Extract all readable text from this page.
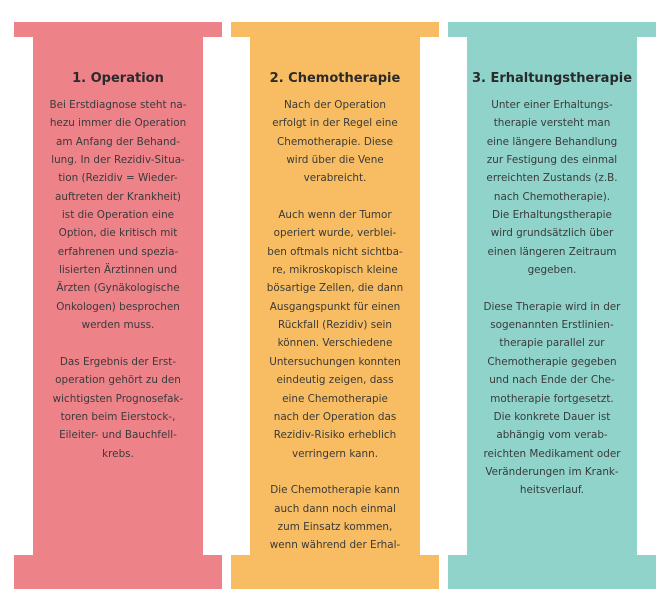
1. Operation
Bei Erstdiagnose steht na-
hezu immer die Operation
am Anfang der Behand-
lung. In der Rezidiv-Situa-
tion (Rezidiv = Wieder-
auftreten der Krankheit)
ist die Operation eine
Option, die kritisch mit
erfahrenen und spezia-
lisierten Ärztinnen und
Ärzten (Gynäkologische
Onkologen) besprochen
werden muss.
Das Ergebnis der Erst-
operation gehört zu den
wichtigsten Prognosefak-
toren beim Eierstock-,
Eileiter- und Bauchfell-
krebs.
2. Chemotherapie
Nach der Operation
erfolgt in der Regel eine
Chemotherapie. Diese
wird über die Vene
verabreicht.
Auch wenn der Tumor
operiert wurde, verblei-
ben oftmals nicht sichtba-
re, mikroskopisch kleine
bösartige Zellen, die dann
Ausgangspunkt für einen
Rückfall (Rezidiv) sein
können. Verschiedene
Untersuchungen konnten
eindeutig zeigen, dass
eine Chemotherapie
nach der Operation das
Rezidiv-Risiko erheblich
verringern kann.
Die Chemotherapie kann
auch dann noch einmal
zum Einsatz kommen,
wenn während der Erhal-
3. Erhaltungstherapie
Unter einer Erhaltungs-
therapie versteht man
eine längere Behandlung
zur Festigung des einmal
erreichten Zustands (z.B.
nach Chemotherapie).
Die Erhaltungstherapie
wird grundsätzlich über
einen längeren Zeitraum
gegeben.
Diese Therapie wird in der
sogenannten Erstlinien-
therapie parallel zur
Chemotherapie gegeben
und nach Ende der Che-
motherapie fortgesetzt.
Die konkrete Dauer ist
abhängig vom verab-
reichten Medikament oder
Veränderungen im Krank-
heitsverlauf.
